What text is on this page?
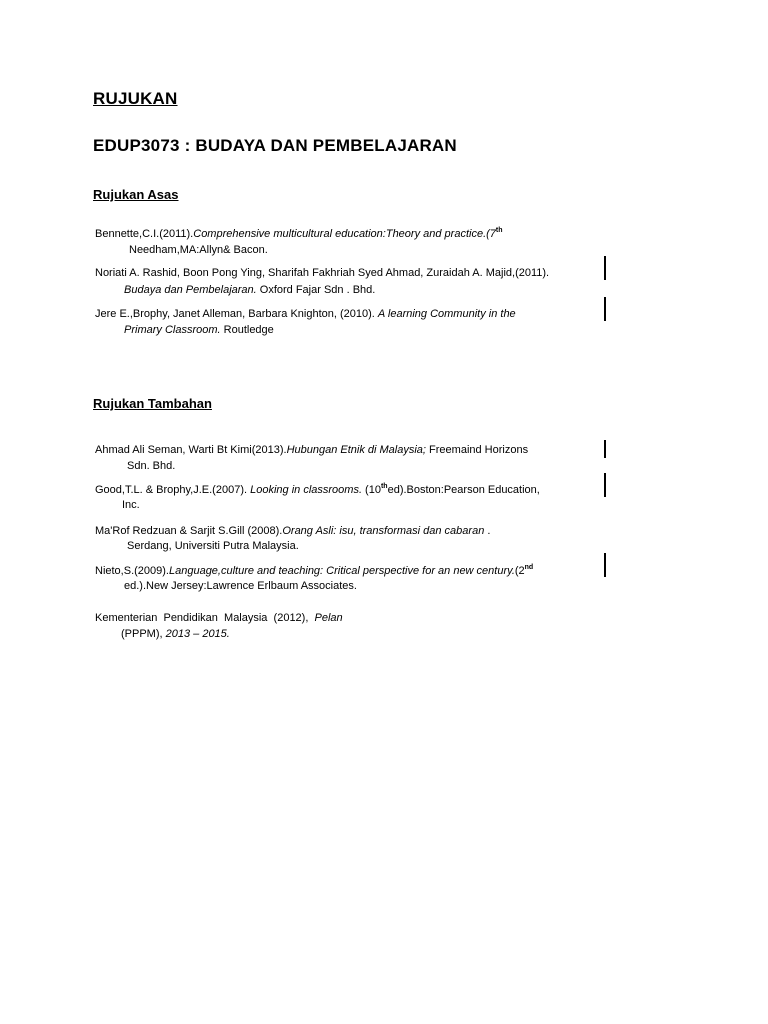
RUJUKAN
EDUP3073 : BUDAYA DAN PEMBELAJARAN
Rujukan Asas
Bennette,C.I.(2011).Comprehensive multicultural education:Theory and practice.(7th
Needham,MA:Allyn& Bacon.
Noriati A. Rashid, Boon Pong Ying, Sharifah Fakhriah Syed Ahmad, Zuraidah A. Majid,(2011).
Budaya dan Pembelajaran. Oxford Fajar Sdn . Bhd.
Jere E.,Brophy, Janet Alleman, Barbara Knighton, (2010). A learning Community in the
Primary Classroom. Routledge
Rujukan Tambahan
Ahmad Ali Seman, Warti Bt Kimi(2013).Hubungan Etnik di Malaysia; Freemaind Horizons
Sdn. Bhd.
Good,T.L. & Brophy,J.E.(2007). Looking in classrooms. (10thed).Boston:Pearson Education,
Inc.
Ma'Rof Redzuan & Sarjit S.Gill (2008).Orang Asli: isu, transformasi dan cabaran .
Serdang, Universiti Putra Malaysia.
Nieto,S.(2009).Language,culture and teaching: Critical perspective for an new century.(2nd
ed.).New Jersey:Lawrence Erlbaum Associates.
Kementerian  Pendidikan  Malaysia  (2012),  Pelan
(PPPM), 2013 – 2015.
